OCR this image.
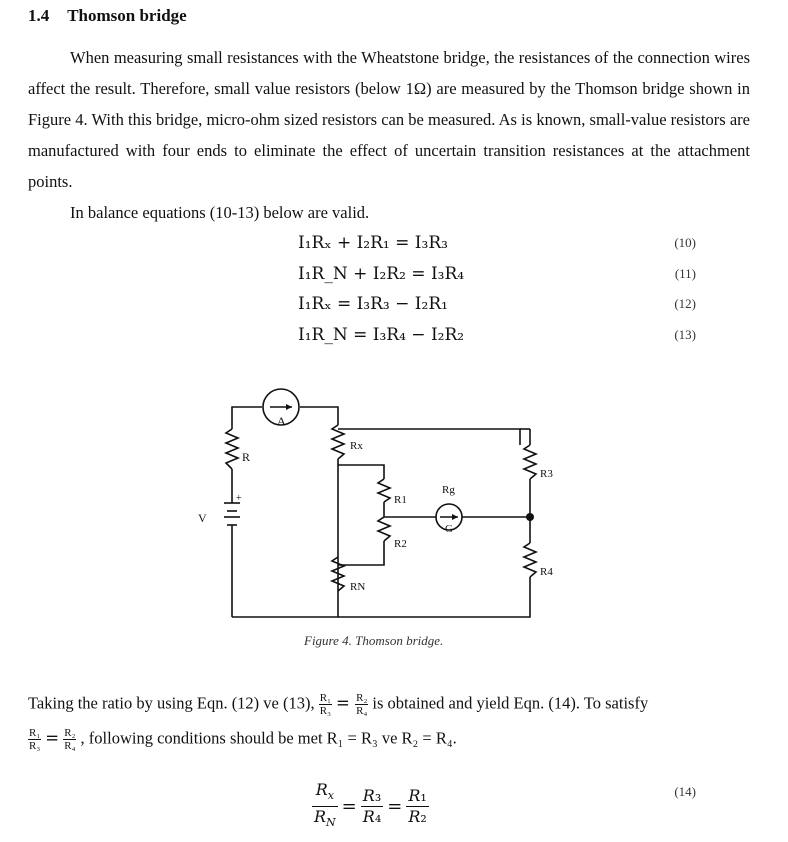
1.4 Thomson bridge

When measuring small resistances with the Wheatstone bridge, the resistances of the connection wires affect the result. Therefore, small value resistors (below 1Ω) are measured by the Thomson bridge shown in Figure 4. With this bridge, micro-ohm sized resistors can be measured. As is known, small-value resistors are manufactured with four ends to eliminate the effect of uncertain transition resistances at the attachment points.

In balance equations (10-13) below are valid.

I₁Rₓ + I₂R₁ = I₃R₃	(10)
I₁R_N + I₂R₂ = I₃R₄	(11)
I₁Rₓ = I₃R₃ − I₂R₁	(12)
I₁R_N = I₃R₄ − I₂R₂	(13)
A
G
R
V
+
Rx
R1
R2
RN
Rg
R3
R4
Figure 4. Thomson bridge.
Taking the ratio by using Eqn. (12) ve (13), $\frac{\text{R₁}}{\text{R₃}} = \frac{\text{R₂}}{\text{R₄}}$ is obtained and yield Eqn. (14). To satisfy
$\frac{\text{R₁}}{\text{R₃}} = \frac{\text{R₂}}{\text{R₄}}$ , following conditions should be met R₁ = R₃ ve R₂ = R₄.
$\frac{R_x}{R_N} = \frac{\text{R₃}}{\text{R₄}} = \frac{\text{R₁}}{\text{R₂}}$	(14)
